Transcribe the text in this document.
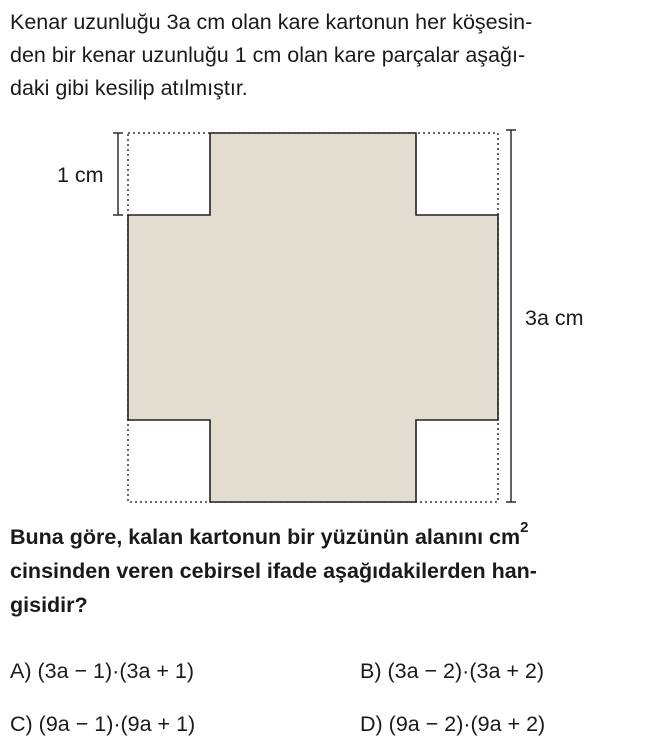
Kenar uzunluğu 3a cm olan kare kartonun her köşesin-
den bir kenar uzunluğu 1 cm olan kare parçalar aşağı-
daki gibi kesilip atılmıştır.
1 cm
3a cm
Buna göre, kalan kartonun bir yüzünün alanını $cm^2$
cinsinden veren cebirsel ifade aşağıdakilerden han-
gisidir?
A) (3a − 1)·(3a + 1)	B) (3a − 2)·(3a + 2)
C) (9a − 1)·(9a + 1)	D) (9a − 2)·(9a + 2)
